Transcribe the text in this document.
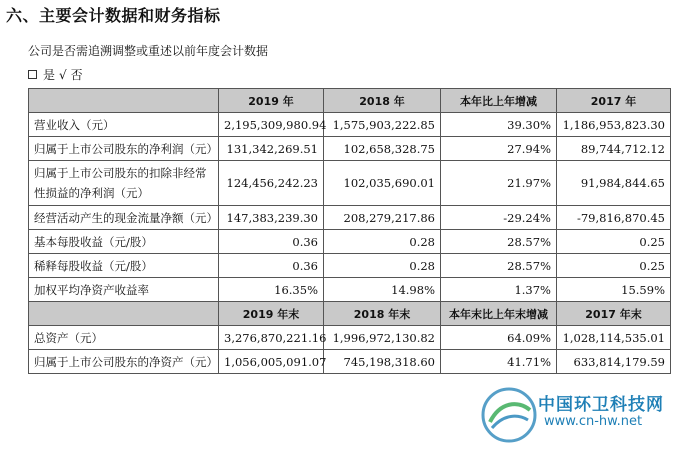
六、主要会计数据和财务指标
公司是否需追溯调整或重述以前年度会计数据
是 √ 否
	2019 年	2018 年	本年比上年增减	2017 年
营业收入（元）	2,195,309,980.94	1,575,903,222.85	39.30%	1,186,953,823.30
归属于上市公司股东的净利润（元）	131,342,269.51	102,658,328.75	27.94%	89,744,712.12
归属于上市公司股东的扣除非经常性损益的净利润（元）	124,456,242.23	102,035,690.01	21.97%	91,984,844.65
经营活动产生的现金流量净额（元）	147,383,239.30	208,279,217.86	-29.24%	-79,816,870.45
基本每股收益（元/股）	0.36	0.28	28.57%	0.25
稀释每股收益（元/股）	0.36	0.28	28.57%	0.25
加权平均净资产收益率	16.35%	14.98%	1.37%	15.59%
	2019 年末	2018 年末	本年末比上年末增减	2017 年末
总资产（元）	3,276,870,221.16	1,996,972,130.82	64.09%	1,028,114,535.01
归属于上市公司股东的净资产（元）	1,056,005,091.07	745,198,318.60	41.71%	633,814,179.59
中国环卫科技网
www.cn-hw.net
